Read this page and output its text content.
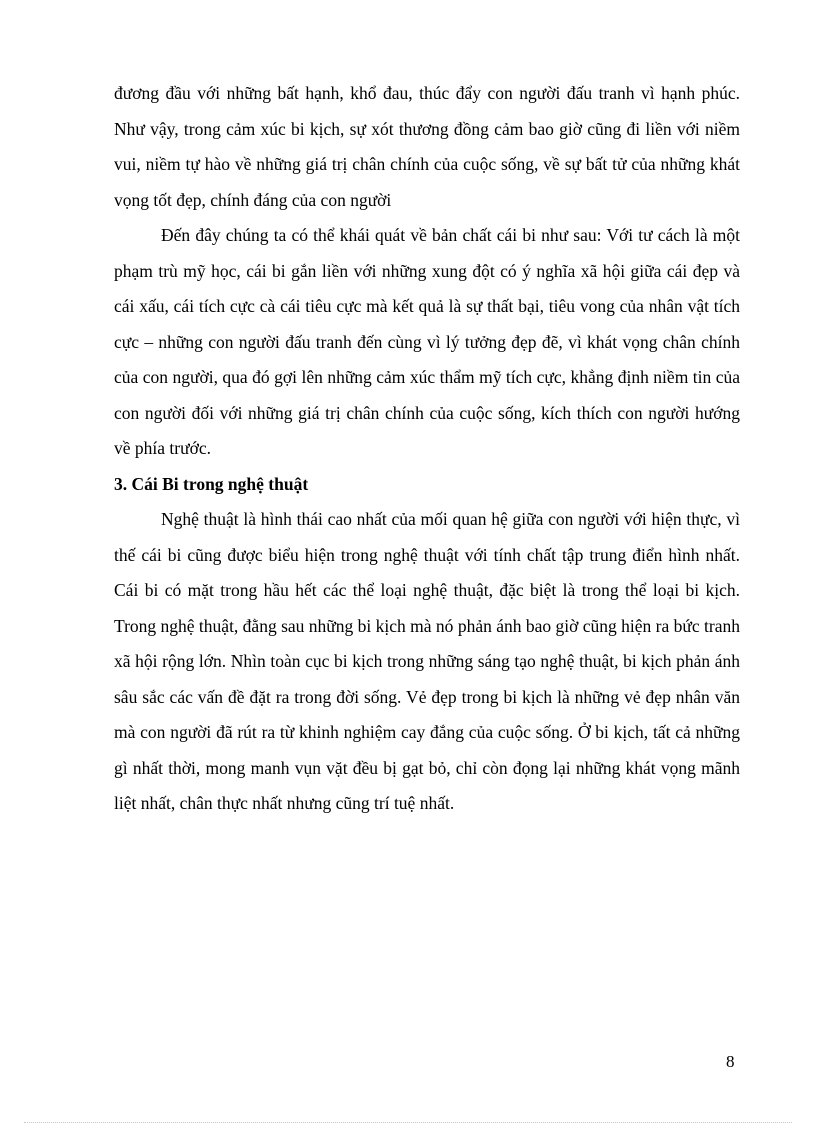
đương đầu với những bất hạnh, khổ đau, thúc đẩy con người đấu tranh vì hạnh phúc. Như vậy, trong cảm xúc bi kịch, sự xót thương đồng cảm bao giờ cũng đi liền với niềm vui, niềm tự hào về những giá trị chân chính của cuộc sống, về sự bất tử của những khát vọng tốt đẹp, chính đáng của con người

Đến đây chúng ta có thể khái quát về bản chất cái bi như sau: Với tư cách là một phạm trù mỹ học, cái bi gắn liền với những xung đột có ý nghĩa xã hội giữa cái đẹp và cái xấu, cái tích cực cà cái tiêu cực mà kết quả là sự thất bại, tiêu vong của nhân vật tích cực – những con người đấu tranh đến cùng vì lý tưởng đẹp đẽ, vì khát vọng chân chính của con người, qua đó gợi lên những cảm xúc thẩm mỹ tích cực, khẳng định niềm tin của con người đối với những giá trị chân chính của cuộc sống, kích thích con người hướng về phía trước.

3. Cái Bi trong nghệ thuật

Nghệ thuật là hình thái cao nhất của mối quan hệ giữa con người với hiện thực, vì thế cái bi cũng được biểu hiện trong nghệ thuật với tính chất tập trung điển hình nhất. Cái bi có mặt trong hầu hết các thể loại nghệ thuật, đặc biệt là trong thể loại bi kịch. Trong nghệ thuật, đằng sau những bi kịch mà nó phản ánh bao giờ cũng hiện ra bức tranh xã hội rộng lớn. Nhìn toàn cục bi kịch trong những sáng tạo nghệ thuật, bi kịch phản ánh sâu sắc các vấn đề đặt ra trong đời sống. Vẻ đẹp trong bi kịch là những vẻ đẹp nhân văn mà con người đã rút ra từ khinh nghiệm cay đắng của cuộc sống. Ở bi kịch, tất cả những gì nhất thời, mong manh vụn vặt đều bị gạt bỏ, chỉ còn đọng lại những khát vọng mãnh liệt nhất, chân thực nhất nhưng cũng trí tuệ nhất.

8
